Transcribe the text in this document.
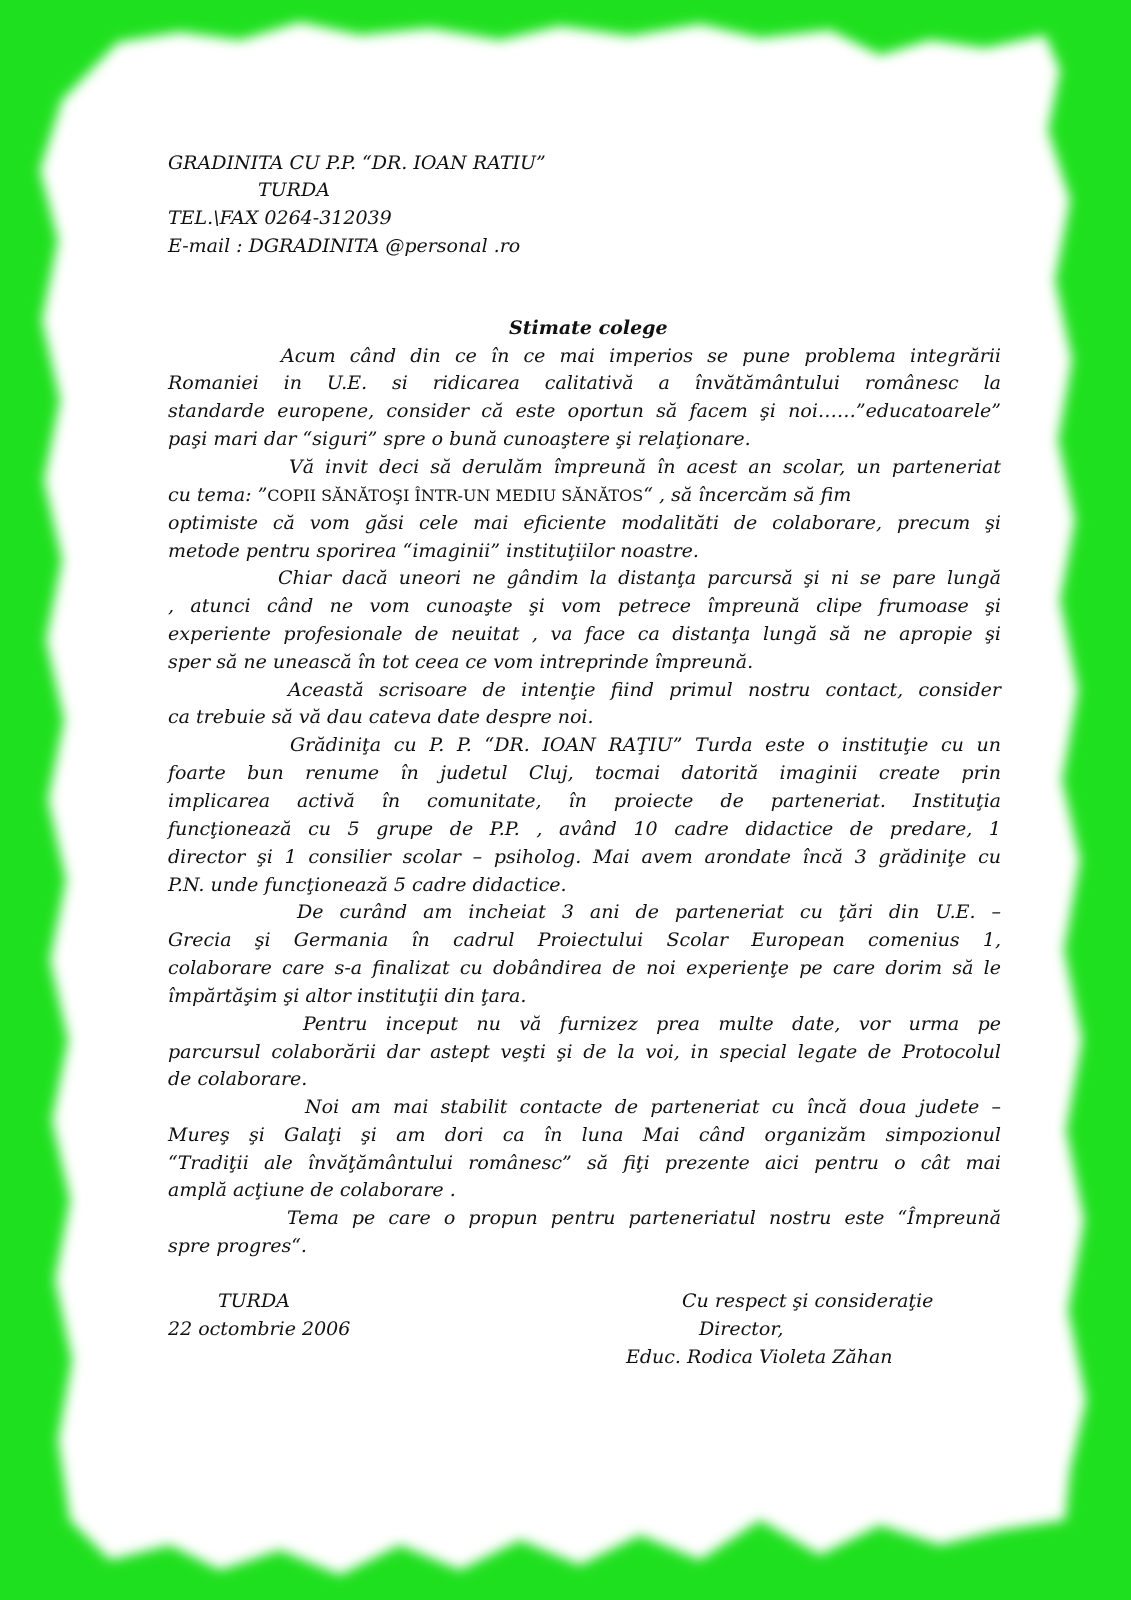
GRADINITA CU P.P. “DR. IOAN RATIU”
TURDA
TEL.\FAX 0264-312039
E-mail : DGRADINITA @personal .ro
Stimate colege
Acum când din ce în ce mai imperios se pune problema integrării
Romaniei in U.E. si ridicarea calitativă a învătământului românesc la
standarde europene, consider că este oportun să facem şi noi……”educatoarele”
paşi mari dar “siguri” spre o bună cunoaştere şi relaţionare.
Vă invit deci să derulăm împreună în acest an scolar, un parteneriat
cu tema: ”COPII SĂNĂTOŞI ÎNTR-UN MEDIU SĂNĂTOS“ , să încercăm să fim
optimiste că vom găsi cele mai eficiente modalităti de colaborare, precum şi
metode pentru sporirea “imaginii” instituţiilor noastre.
Chiar dacă uneori ne gândim la distanţa parcursă şi ni se pare lungă
, atunci când ne vom cunoaşte şi vom petrece împreună clipe frumoase şi
experiente profesionale de neuitat , va face ca distanţa lungă să ne apropie şi
sper să ne unească în tot ceea ce vom intreprinde împreună.
Această scrisoare de intenţie fiind primul nostru contact, consider
ca trebuie să vă dau cateva date despre noi.
Grădiniţa cu P. P. “DR. IOAN RAŢIU” Turda este o instituţie cu un
foarte bun renume în judetul Cluj, tocmai datorită imaginii create prin
implicarea activă în comunitate, în proiecte de parteneriat. Instituţia
funcţionează cu 5 grupe de P.P. , având 10 cadre didactice de predare, 1
director şi 1 consilier scolar – psiholog. Mai avem arondate încă 3 grădiniţe cu
P.N. unde funcţionează 5 cadre didactice.
De curând am incheiat 3 ani de parteneriat cu ţări din U.E. –
Grecia şi Germania în cadrul Proiectului Scolar European comenius 1,
colaborare care s-a finalizat cu dobândirea de noi experienţe pe care dorim să le
împărtăşim şi altor instituţii din ţara.
Pentru inceput nu vă furnizez prea multe date, vor urma pe
parcursul colaborării dar astept veşti şi de la voi, in special legate de Protocolul
de colaborare.
Noi am mai stabilit contacte de parteneriat cu încă doua judete –
Mureş şi Galaţi şi am dori ca în luna Mai când organizăm simpozionul
“Tradiţii ale învăţământului românesc” să fiţi prezente aici pentru o cât mai
amplă acţiune de colaborare .
Tema pe care o propun pentru parteneriatul nostru este “Împreună
spre progres“.
TURDA
22 octombrie 2006
Cu respect şi consideraţie
Director,
Educ. Rodica Violeta Zăhan
